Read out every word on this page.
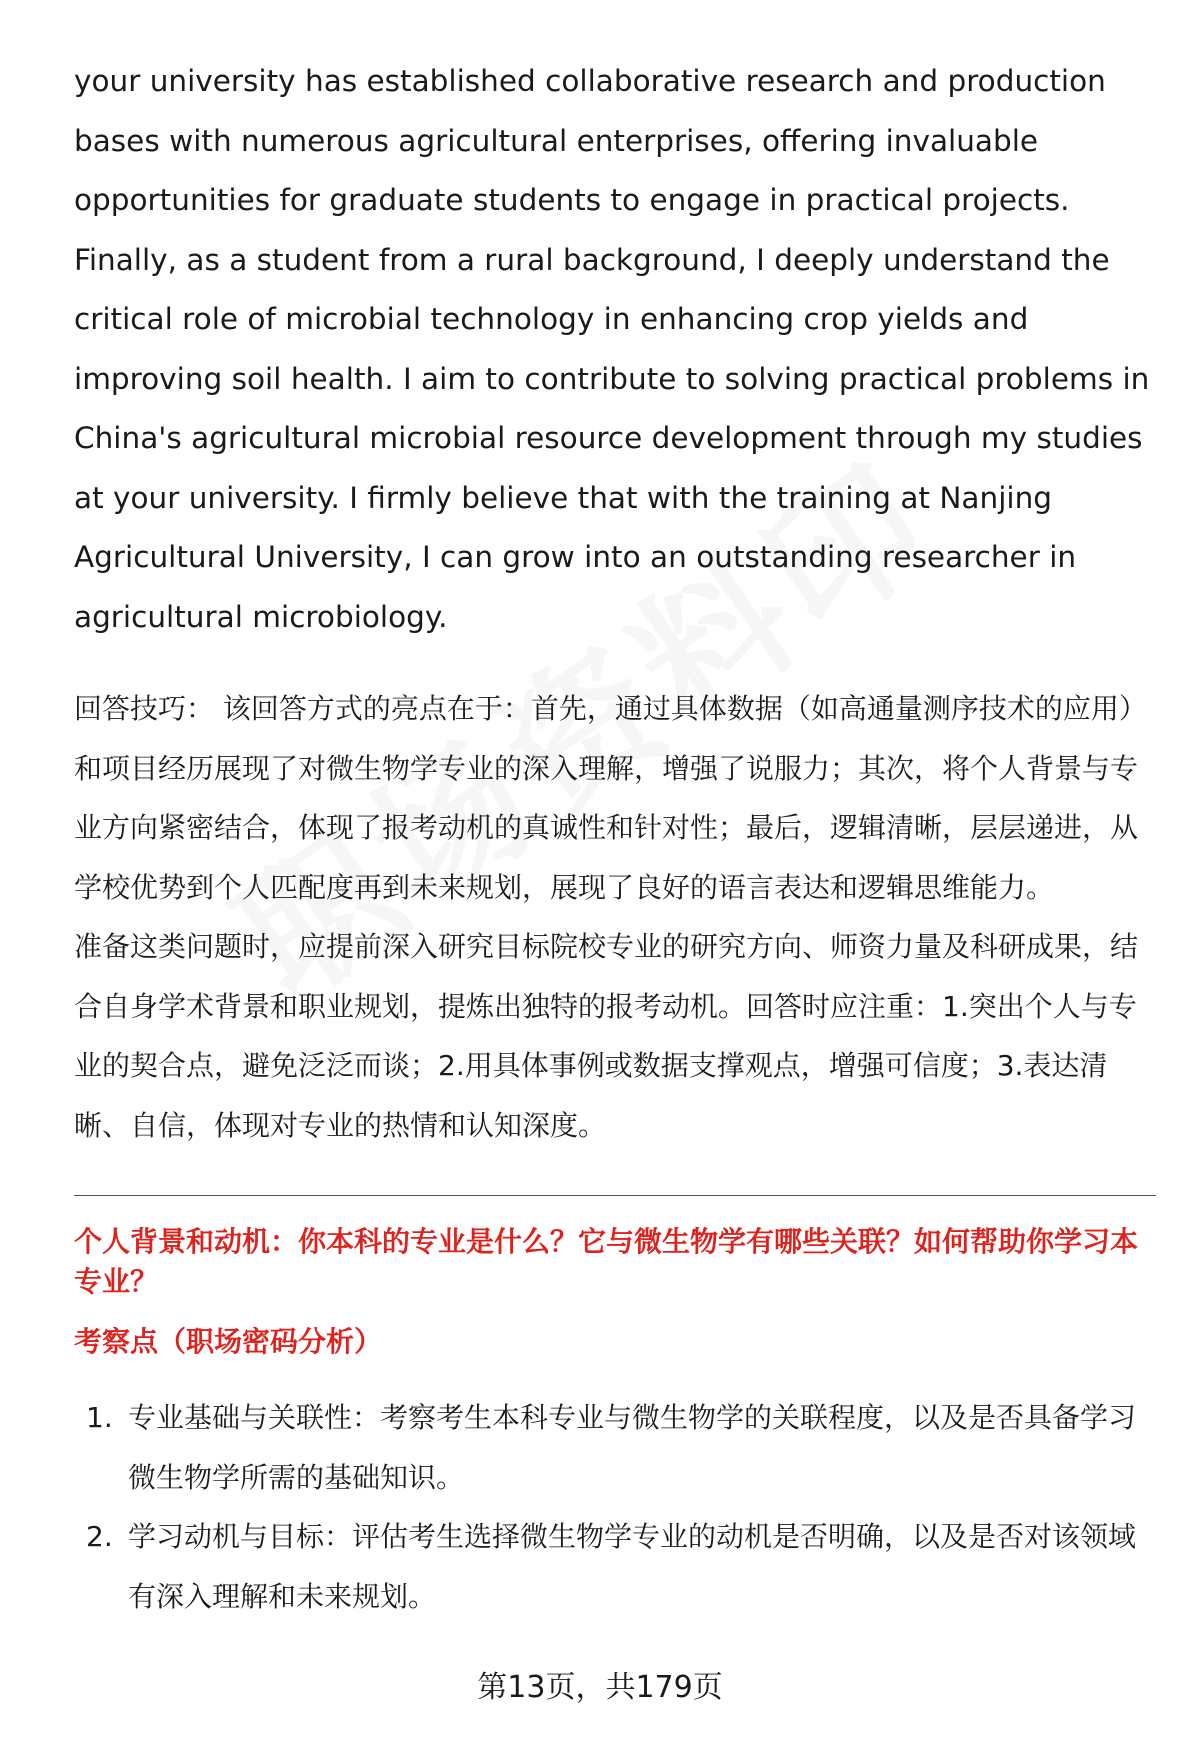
your university has established collaborative research and production bases with numerous agricultural enterprises, offering invaluable opportunities for graduate students to engage in practical projects. Finally, as a student from a rural background, I deeply understand the critical role of microbial technology in enhancing crop yields and improving soil health. I aim to contribute to solving practical problems in China's agricultural microbial resource development through my studies at your university. I firmly believe that with the training at Nanjing Agricultural University, I can grow into an outstanding researcher in agricultural microbiology.

回答技巧： 该回答方式的亮点在于：首先，通过具体数据（如高通量测序技术的应用）和项目经历展现了对微生物学专业的深入理解，增强了说服力；其次，将个人背景与专业方向紧密结合，体现了报考动机的真诚性和针对性；最后，逻辑清晰，层层递进，从学校优势到个人匹配度再到未来规划，展现了良好的语言表达和逻辑思维能力。

准备这类问题时，应提前深入研究目标院校专业的研究方向、师资力量及科研成果，结合自身学术背景和职业规划，提炼出独特的报考动机。回答时应注重：1.突出个人与专业的契合点，避免泛泛而谈；2.用具体事例或数据支撑观点，增强可信度；3.表达清晰、自信，体现对专业的热情和认知深度。

个人背景和动机：你本科的专业是什么？它与微生物学有哪些关联？如何帮助你学习本专业？
考察点（职场密码分析）
1. 专业基础与关联性：考察考生本科专业与微生物学的关联程度，以及是否具备学习微生物学所需的基础知识。
2. 学习动机与目标：评估考生选择微生物学专业的动机是否明确，以及是否对该领域有深入理解和未来规划。
第13页，共179页
